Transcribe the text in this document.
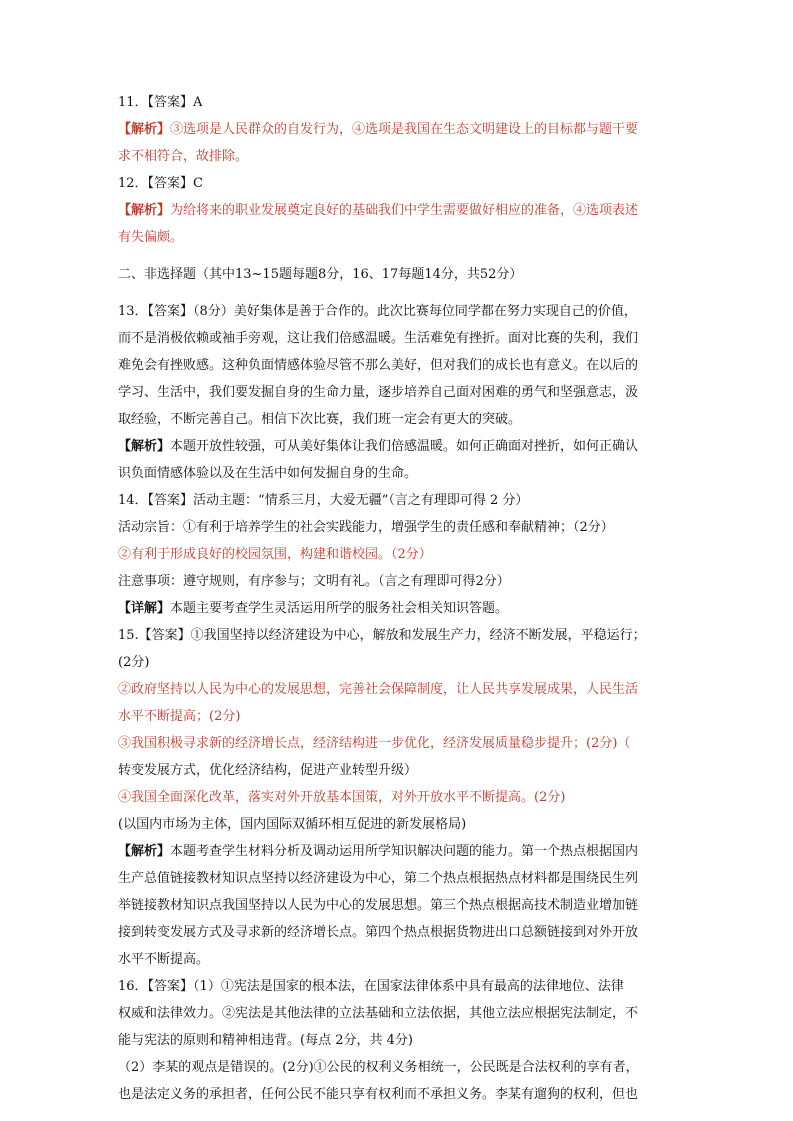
11．【答案】A

【解析】③选项是人民群众的自发行为，④选项是我国在生态文明建设上的目标都与题干要

求不相符合，故排除。

12．【答案】C

【解析】为给将来的职业发展奠定良好的基础我们中学生需要做好相应的准备，④选项表述

有失偏颇。

二、非选择题（其中13~15题每题8分，16、17每题14分，共52分）

13．【答案】（8分）美好集体是善于合作的。此次比赛每位同学都在努力实现自己的价值，

而不是消极依赖或袖手旁观，这让我们倍感温暖。生活难免有挫折。面对比赛的失利，我们

难免会有挫败感。这种负面情感体验尽管不那么美好，但对我们的成长也有意义。在以后的

学习、生活中，我们要发掘自身的生命力量，逐步培养自己面对困难的勇气和坚强意志，汲

取经验，不断完善自己。相信下次比赛，我们班一定会有更大的突破。

【解析】本题开放性较强，可从美好集体让我们倍感温暖。如何正确面对挫折，如何正确认

识负面情感体验以及在生活中如何发掘自身的生命。

14．【答案】活动主题：“情系三月，大爱无疆”（言之有理即可得 2 分）

活动宗旨：①有利于培养学生的社会实践能力，增强学生的责任感和奉献精神；（2分）

②有利于形成良好的校园氛围，构建和谐校园。（2分）

注意事项：遵守规则，有序参与；文明有礼。（言之有理即可得2分）

【详解】本题主要考查学生灵活运用所学的服务社会相关知识答题。

15.【答案】①我国坚持以经济建设为中心，解放和发展生产力，经济不断发展，平稳运行；

(2分)

②政府坚持以人民为中心的发展思想，完善社会保障制度，让人民共享发展成果，人民生活

水平不断提高；(2分)

③我国积极寻求新的经济增长点，经济结构进一步优化，经济发展质量稳步提升；(2分)（

转变发展方式，优化经济结构，促进产业转型升级）

④我国全面深化改革，落实对外开放基本国策，对外开放水平不断提高。(2分)

(以国内市场为主体，国内国际双循环相互促进的新发展格局)

【解析】本题考查学生材料分析及调动运用所学知识解决问题的能力。第一个热点根据国内

生产总值链接教材知识点坚持以经济建设为中心，第二个热点根据热点材料都是围绕民生列

举链接教材知识点我国坚持以人民为中心的发展思想。第三个热点根据高技术制造业增加链

接到转变发展方式及寻求新的经济增长点。第四个热点根据货物进出口总额链接到对外开放

水平不断提高。

16．【答案】（1）①宪法是国家的根本法，在国家法律体系中具有最高的法律地位、法律

权威和法律效力。②宪法是其他法律的立法基础和立法依据，其他立法应根据宪法制定，不

能与宪法的原则和精神相违背。(每点 2分，共 4分)

（2）李某的观点是错误的。(2分)①公民的权利义务相统一，公民既是合法权利的享有者，

也是法定义务的承担者，任何公民不能只享有权利而不承担义务。李某有遛狗的权利，但也
